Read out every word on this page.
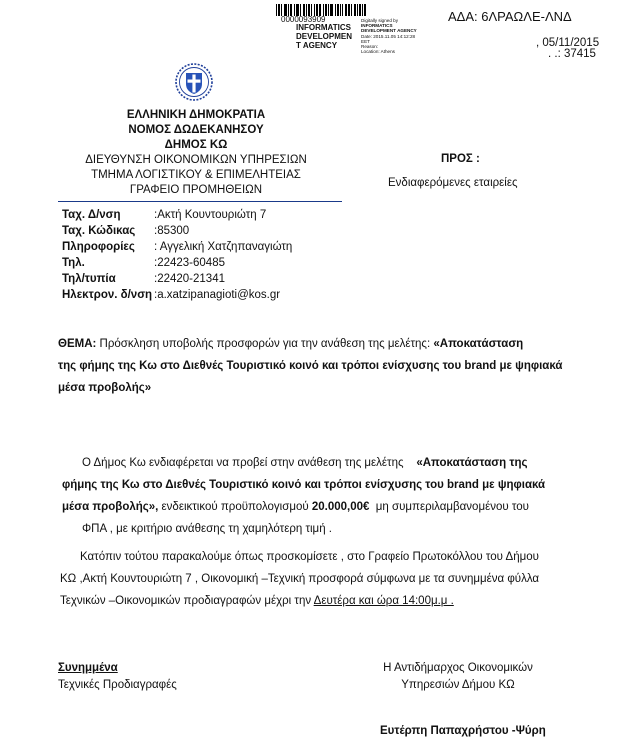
0000093909
INFORMATICS
DEVELOPMEN
T AGENCY
Digitally signed by
INFORMATICS
DEVELOPMENT AGENCY
Date: 2015.11.05 14:12:28
EET
Reason:
Location: Athens
ΑΔΑ: 6ΛΡΑΩΛΕ-ΛΝΔ
, 05/11/2015
. .: 37415
ΕΛΛΗΝΙΚΗ ΔΗΜΟΚΡΑΤΙΑ
ΝΟΜΟΣ ΔΩΔΕΚΑΝΗΣΟΥ
ΔΗΜΟΣ ΚΩ
ΔΙΕΥΘΥΝΣΗ ΟΙΚΟΝΟΜΙΚΩΝ ΥΠΗΡΕΣΙΩΝ
ΤΜΗΜΑ ΛΟΓΙΣΤΙΚΟΥ & ΕΠΙΜΕΛΗΤΕΙΑΣ
ΓΡΑΦΕΙΟ ΠΡΟΜΗΘΕΙΩΝ
ΠΡΟΣ :
Ενδιαφερόμενες εταιρείες
Ταχ. Δ/νση	:Ακτή Κουντουριώτη 7
Ταχ. Κώδικας :85300
Πληροφορίες : Αγγελική Χατζηπαναγιώτη
Τηλ.	:22423-60485
Τηλ/τυπία	:22420-21341
Ηλεκτρον. δ/νση :a.xatzipanagioti@kos.gr
ΘΕΜΑ: Πρόσκληση υποβολής προσφορών για την ανάθεση της μελέτης: «Αποκατάσταση
της φήμης της Κω στο Διεθνές Τουριστικό κοινό και τρόποι ενίσχυσης του brand με ψηφιακά
μέσα προβολής»
Ο Δήμος Κω ενδιαφέρεται να προβεί στην ανάθεση της μελέτης «Αποκατάσταση της
φήμης της Κω στο Διεθνές Τουριστικό κοινό και τρόποι ενίσχυσης του brand με ψηφιακά
μέσα προβολής», ενδεικτικού προϋπολογισμού 20.000,00€ μη συμπεριλαμβανομένου του
ΦΠΑ , με κριτήριο ανάθεσης τη χαμηλότερη τιμή .
Κατόπιν τούτου παρακαλούμε όπως προσκομίσετε , στο Γραφείο Πρωτοκόλλου του Δήμου
ΚΩ ,Ακτή Κουντουριώτη 7 , Οικονομική –Τεχνική προσφορά σύμφωνα με τα συνημμένα φύλλα
Τεχνικών –Οικονομικών προδιαγραφών μέχρι την Δευτέρα και ώρα 14:00μ.μ .
Συνημμένα
Τεχνικές Προδιαγραφές
Η Αντιδήμαρχος Οικονομικών
Υπηρεσιών Δήμου ΚΩ
Ευτέρπη Παπαχρήστου -Ψύρη
